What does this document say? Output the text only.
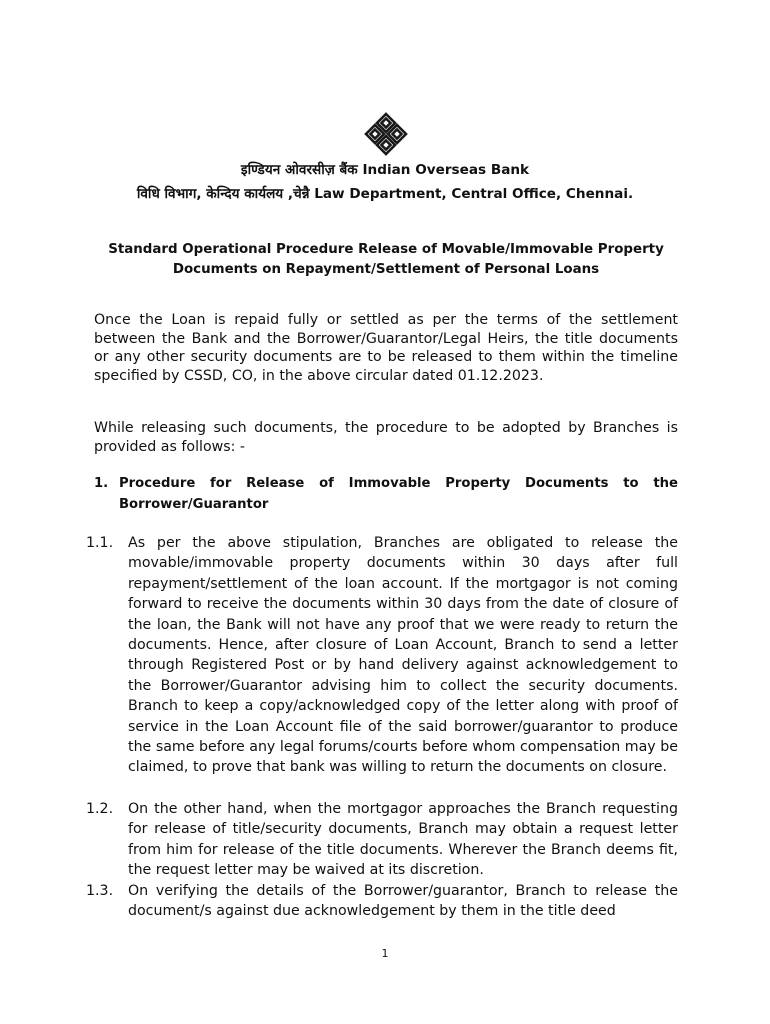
इण्डियन ओवरसीज़ बैंक Indian Overseas Bank
विधि विभाग, केन्दिय कार्यलय ,चेन्नै Law Department, Central Office, Chennai.
Standard Operational Procedure Release of Movable/Immovable Property Documents on Repayment/Settlement of Personal Loans
Once the Loan is repaid fully or settled as per the terms of the settlement between the Bank and the Borrower/Guarantor/Legal Heirs, the title documents or any other security documents are to be released to them within the timeline specified by CSSD, CO, in the above circular dated 01.12.2023.
While releasing such documents, the procedure to be adopted by Branches is provided as follows: -
1. Procedure for Release of Immovable Property Documents to the Borrower/Guarantor
1.1.	As per the above stipulation, Branches are obligated to release the movable/immovable property documents within 30 days after full repayment/settlement of the loan account. If the mortgagor is not coming forward to receive the documents within 30 days from the date of closure of the loan, the Bank will not have any proof that we were ready to return the documents. Hence, after closure of Loan Account, Branch to send a letter through Registered Post or by hand delivery against acknowledgement to the Borrower/Guarantor advising him to collect the security documents. Branch to keep a copy/acknowledged copy of the letter along with proof of service in the Loan Account file of the said borrower/guarantor to produce the same before any legal forums/courts before whom compensation may be claimed, to prove that bank was willing to return the documents on closure.
1.2.	On the other hand, when the mortgagor approaches the Branch requesting for release of title/security documents, Branch may obtain a request letter from him for release of the title documents. Wherever the Branch deems fit, the request letter may be waived at its discretion.
1.3.	On verifying the details of the Borrower/guarantor, Branch to release the document/s against due acknowledgement by them in the title deed
1
